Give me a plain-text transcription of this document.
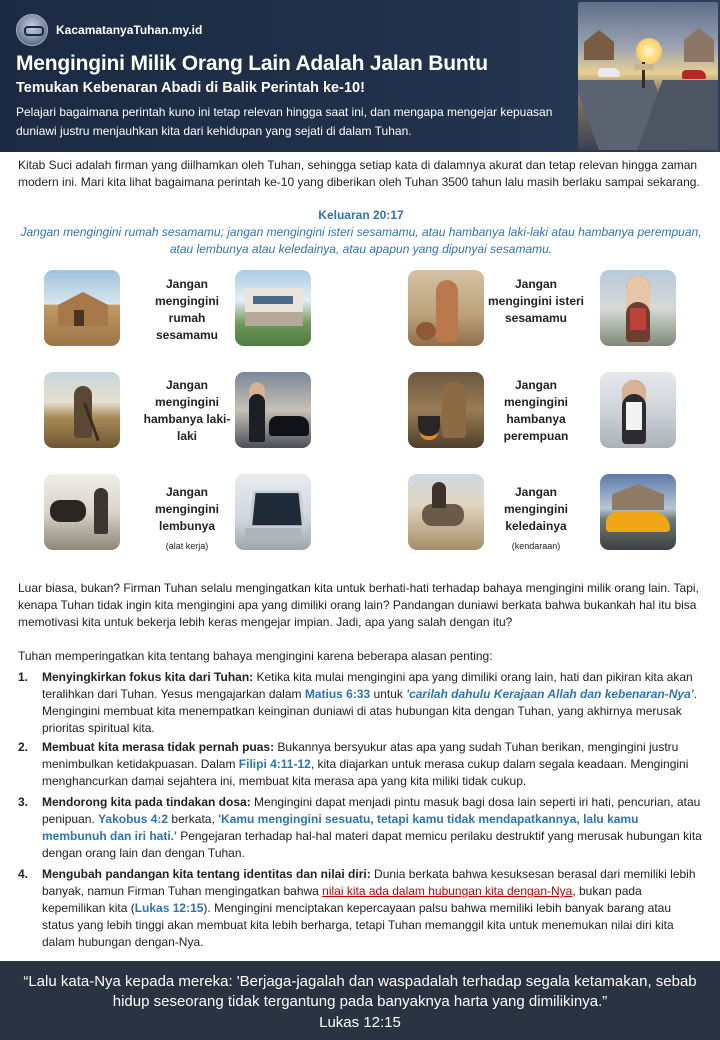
KacamatanyaTuhan.my.id
Mengingini Milik Orang Lain Adalah Jalan Buntu
Temukan Kebenaran Abadi di Balik Perintah ke-10!
Pelajari bagaimana perintah kuno ini tetap relevan hingga saat ini, dan mengapa mengejar kepuasan duniawi justru menjauhkan kita dari kehidupan yang sejati di dalam Tuhan.
Kitab Suci adalah firman yang diilhamkan oleh Tuhan, sehingga setiap kata di dalamnya akurat dan tetap relevan hingga zaman modern ini. Mari kita lihat bagaimana perintah ke-10 yang diberikan oleh Tuhan 3500 tahun lalu masih berlaku sampai sekarang.
Keluaran 20:17
Jangan mengingini rumah sesamamu; jangan mengingini isteri sesamamu, atau hambanya laki-laki atau hambanya perempuan, atau lembunya atau keledainya, atau apapun yang dipunyai sesamamu.
Jangan mengingini rumah sesamamu
Jangan mengingini isteri sesamamu
Jangan mengingini hambanya laki-laki
Jangan mengingini hambanya perempuan
Jangan mengingini lembunya
(alat kerja)
Jangan mengingini keledainya
(kendaraan)
Luar biasa, bukan? Firman Tuhan selalu mengingatkan kita untuk berhati-hati terhadap bahaya mengingini milik orang lain. Tapi, kenapa Tuhan tidak ingin kita mengingini apa yang dimiliki orang lain? Pandangan duniawi berkata bahwa bukankah hal itu bisa memotivasi kita untuk bekerja lebih keras mengejar impian. Jadi, apa yang salah dengan itu?
Tuhan memperingatkan kita tentang bahaya mengingini karena beberapa alasan penting:
1. Menyingkirkan fokus kita dari Tuhan: Ketika kita mulai mengingini apa yang dimiliki orang lain, hati dan pikiran kita akan teralihkan dari Tuhan. Yesus mengajarkan dalam Matius 6:33 untuk 'carilah dahulu Kerajaan Allah dan kebenaran-Nya'. Mengingini membuat kita menempatkan keinginan duniawi di atas hubungan kita dengan Tuhan, yang akhirnya merusak prioritas spiritual kita.
2. Membuat kita merasa tidak pernah puas: Bukannya bersyukur atas apa yang sudah Tuhan berikan, mengingini justru menimbulkan ketidakpuasan. Dalam Filipi 4:11-12, kita diajarkan untuk merasa cukup dalam segala keadaan. Mengingini menghancurkan damai sejahtera ini, membuat kita merasa apa yang kita miliki tidak cukup.
3. Mendorong kita pada tindakan dosa: Mengingini dapat menjadi pintu masuk bagi dosa lain seperti iri hati, pencurian, atau penipuan. Yakobus 4:2 berkata, 'Kamu mengingini sesuatu, tetapi kamu tidak mendapatkannya, lalu kamu membunuh dan iri hati.' Pengejaran terhadap hal-hal materi dapat memicu perilaku destruktif yang merusak hubungan kita dengan orang lain dan dengan Tuhan.
4. Mengubah pandangan kita tentang identitas dan nilai diri: Dunia berkata bahwa kesuksesan berasal dari memiliki lebih banyak, namun Firman Tuhan mengingatkan bahwa nilai kita ada dalam hubungan kita dengan-Nya, bukan pada kepemilikan kita (Lukas 12:15). Mengingini menciptakan kepercayaan palsu bahwa memiliki lebih banyak barang atau status yang lebih tinggi akan membuat kita lebih berharga, tetapi Tuhan memanggil kita untuk menemukan nilai diri kita dalam hubungan dengan-Nya.
“Lalu kata-Nya kepada mereka: 'Berjaga-jagalah dan waspadalah terhadap segala ketamakan, sebab hidup seseorang tidak tergantung pada banyaknya harta yang dimilikinya.”
Lukas 12:15
